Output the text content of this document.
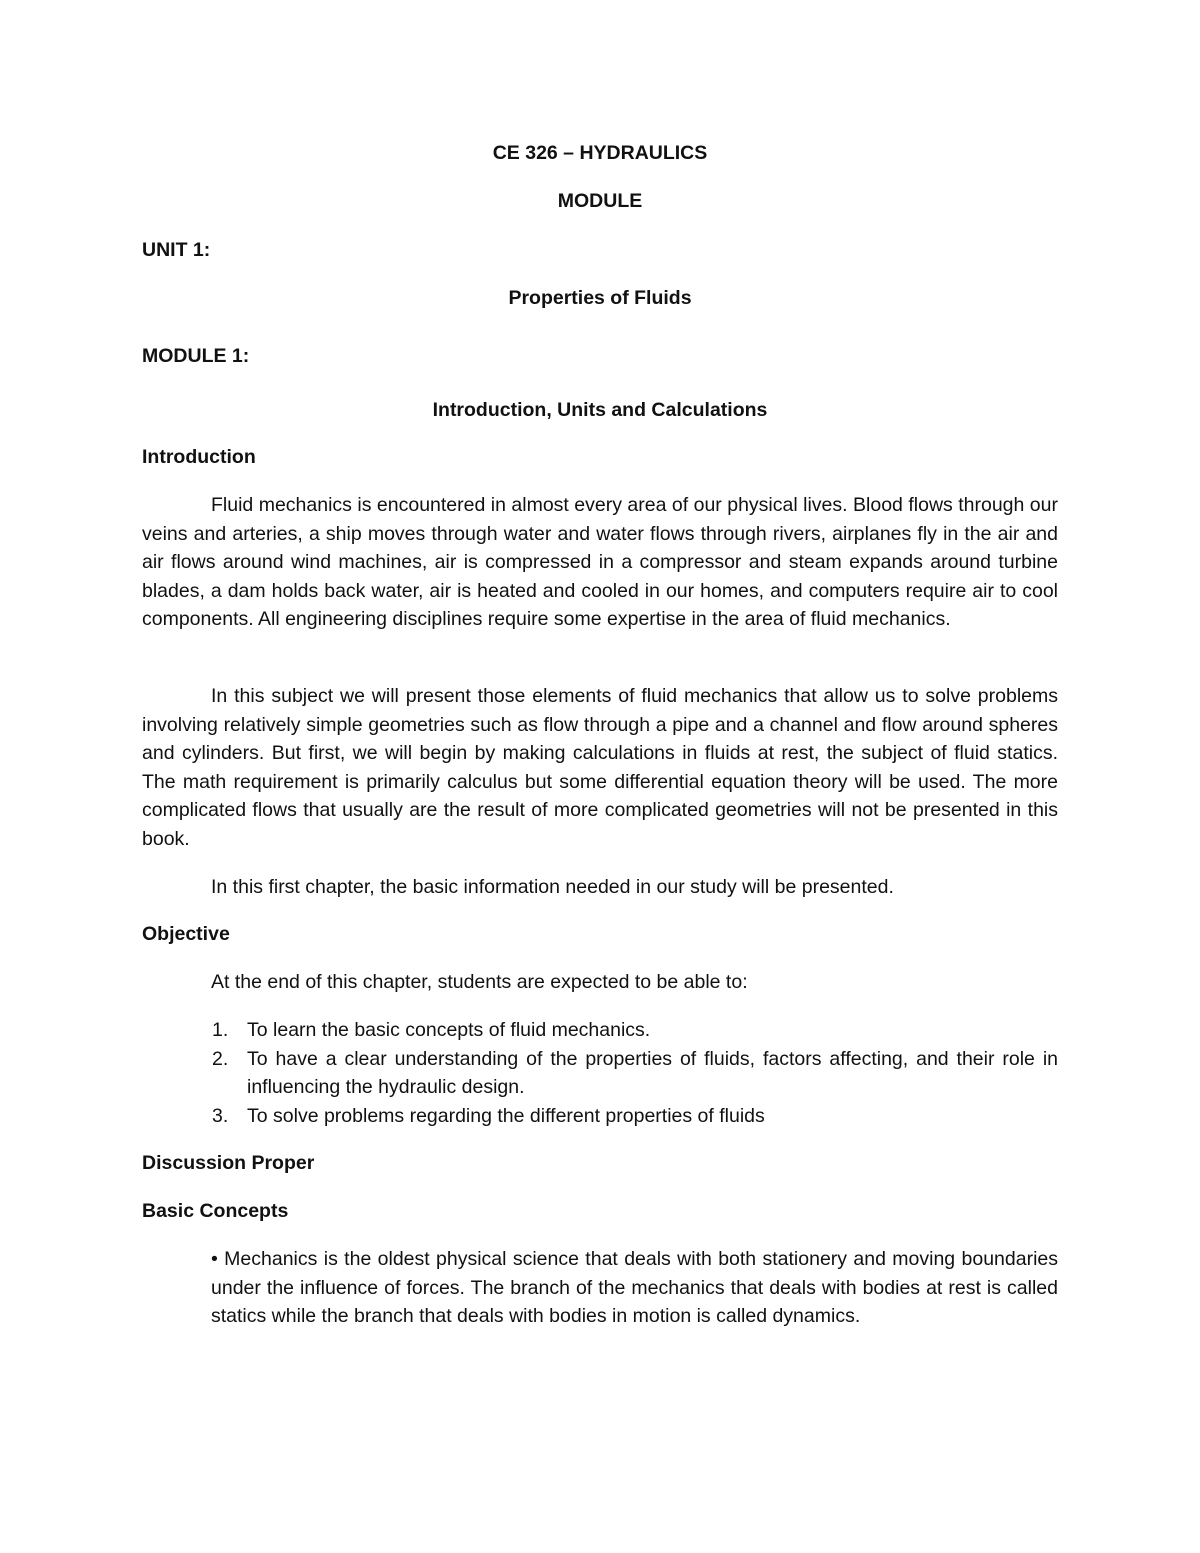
CE 326 – HYDRAULICS
MODULE
UNIT 1:
Properties of Fluids
MODULE 1:
Introduction, Units and Calculations
Introduction

Fluid mechanics is encountered in almost every area of our physical lives. Blood flows through our veins and arteries, a ship moves through water and water flows through rivers, airplanes fly in the air and air flows around wind machines, air is compressed in a compressor and steam expands around turbine blades, a dam holds back water, air is heated and cooled in our homes, and computers require air to cool components. All engineering disciplines require some expertise in the area of fluid mechanics.

In this subject we will present those elements of fluid mechanics that allow us to solve problems involving relatively simple geometries such as flow through a pipe and a channel and flow around spheres and cylinders. But first, we will begin by making calculations in fluids at rest, the subject of fluid statics. The math requirement is primarily calculus but some differential equation theory will be used. The more complicated flows that usually are the result of more complicated geometries will not be presented in this book.

In this first chapter, the basic information needed in our study will be presented.

Objective
At the end of this chapter, students are expected to be able to:
1. To learn the basic concepts of fluid mechanics.
2. To have a clear understanding of the properties of fluids, factors affecting, and their role in influencing the hydraulic design.
3. To solve problems regarding the different properties of fluids
Discussion Proper
Basic Concepts

• Mechanics is the oldest physical science that deals with both stationery and moving boundaries under the influence of forces. The branch of the mechanics that deals with bodies at rest is called statics while the branch that deals with bodies in motion is called dynamics.
